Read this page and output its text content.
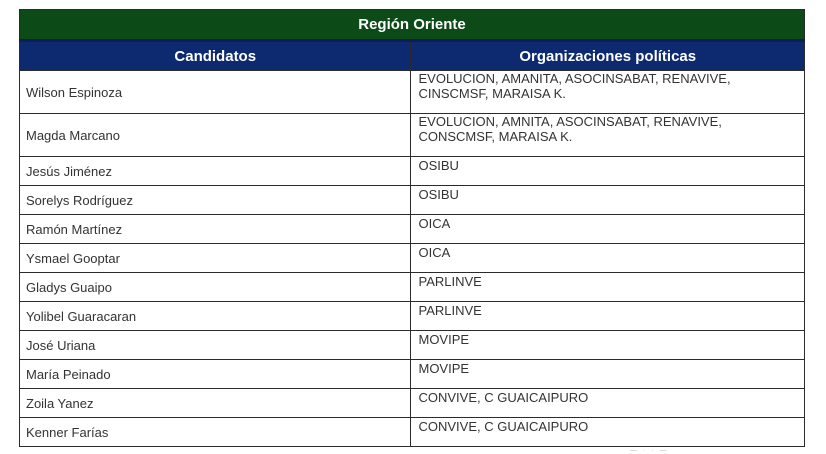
Región Oriente	
Candidatos	Organizaciones políticas
Wilson Espinoza	EVOLUCION, AMANITA, ASOCINSABAT, RENAVIVE,
CINSCMSF, MARAISA K.

Magda Marcano	EVOLUCION, AMNITA, ASOCINSABAT, RENAVIVE,
CONSCMSF, MARAISA K.

Jesús Jiménez	OSIBU

Sorelys Rodríguez	OSIBU

Ramón Martínez	OICA

Ysmael Gooptar	OICA

Gladys Guaipo	PARLINVE

Yolibel Guaracaran	PARLINVE

José Uriana	MOVIPE

María Peinado	MOVIPE

Zoila Yanez	CONVIVE, C GUAICAIPURO

Kenner Farías	CONVIVE, C GUAICAIPURO
— · · —
